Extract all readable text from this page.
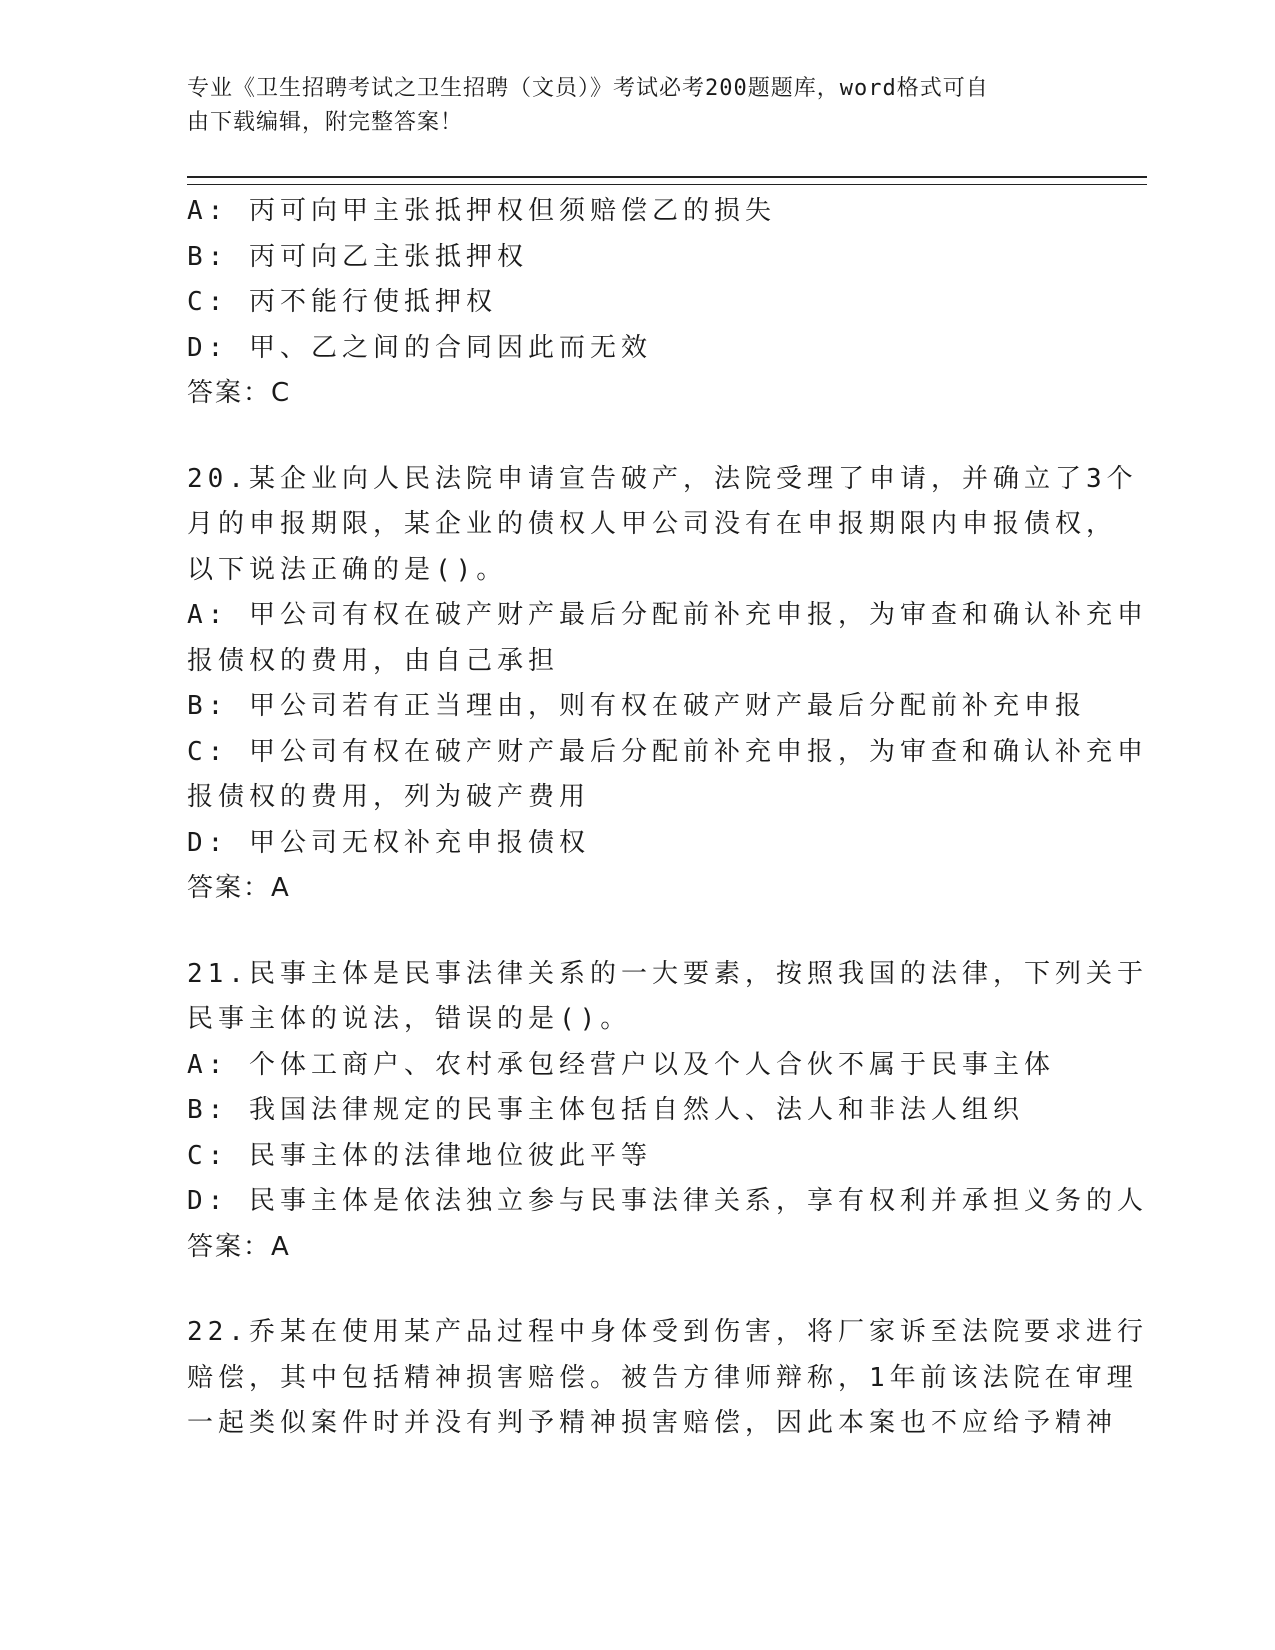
专业《卫生招聘考试之卫生招聘（文员）》考试必考200题题库，word格式可自
由下载编辑，附完整答案！
A: 丙可向甲主张抵押权但须赔偿乙的损失
B: 丙可向乙主张抵押权
C: 丙不能行使抵押权
D: 甲、乙之间的合同因此而无效
答案：C
20.某企业向人民法院申请宣告破产，法院受理了申请，并确立了3个
月的申报期限，某企业的债权人甲公司没有在申报期限内申报债权，
以下说法正确的是()。
A: 甲公司有权在破产财产最后分配前补充申报，为审查和确认补充申
报债权的费用，由自己承担
B: 甲公司若有正当理由，则有权在破产财产最后分配前补充申报
C: 甲公司有权在破产财产最后分配前补充申报，为审查和确认补充申
报债权的费用，列为破产费用
D: 甲公司无权补充申报债权
答案：A
21.民事主体是民事法律关系的一大要素，按照我国的法律，下列关于
民事主体的说法，错误的是()。
A: 个体工商户、农村承包经营户以及个人合伙不属于民事主体
B: 我国法律规定的民事主体包括自然人、法人和非法人组织
C: 民事主体的法律地位彼此平等
D: 民事主体是依法独立参与民事法律关系，享有权利并承担义务的人
答案：A
22.乔某在使用某产品过程中身体受到伤害，将厂家诉至法院要求进行
赔偿，其中包括精神损害赔偿。被告方律师辩称，1年前该法院在审理
一起类似案件时并没有判予精神损害赔偿，因此本案也不应给予精神
